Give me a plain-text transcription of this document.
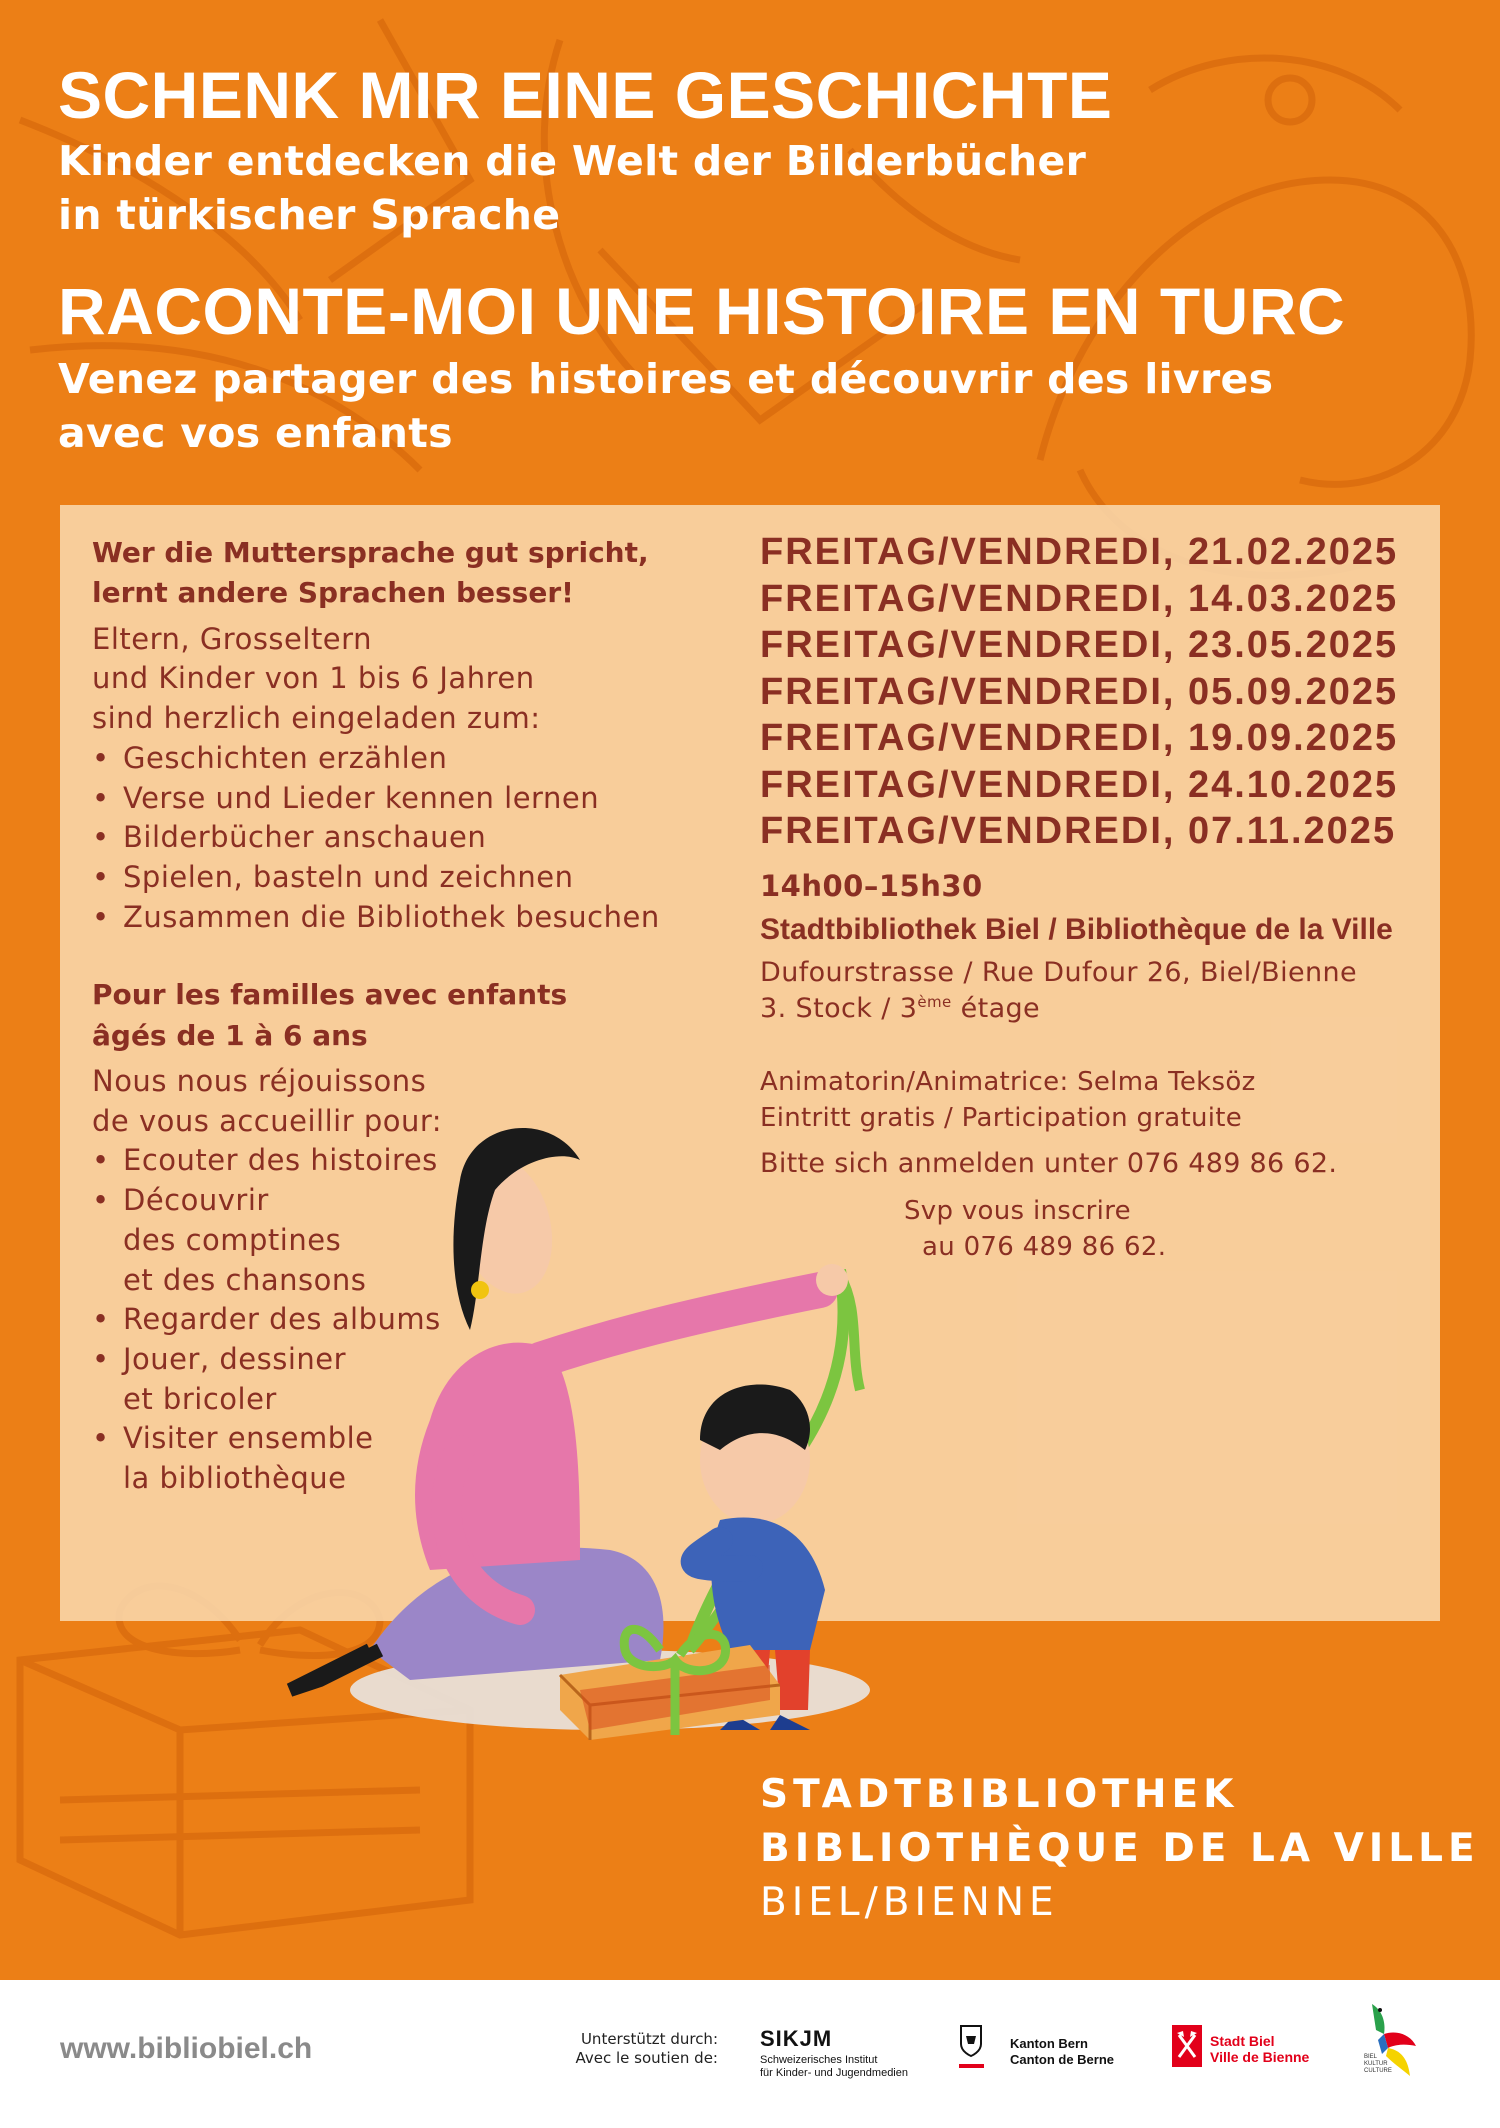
SCHENK MIR EINE GESCHICHTE
Kinder entdecken die Welt der Bilderbücher
in türkischer Sprache
RACONTE-MOI UNE HISTOIRE EN TURC
Venez partager des histoires et découvrir des livres
avec vos enfants

Wer die Muttersprache gut spricht,
lernt andere Sprachen besser!

Eltern, Grosseltern
und Kinder von 1 bis 6 Jahren
sind herzlich eingeladen zum:

• Geschichten erzählen
• Verse und Lieder kennen lernen
• Bilderbücher anschauen
• Spielen, basteln und zeichnen
• Zusammen die Bibliothek besuchen

Pour les familles avec enfants
âgés de 1 à 6 ans

Nous nous réjouissons
de vous accueillir pour:

• Ecouter des histoires
• Découvrir
des comptines
et des chansons
• Regarder des albums
• Jouer, dessiner
et bricoler
• Visiter ensemble
la bibliothèque
FREITAG/VENDREDI, 21.02.2025
FREITAG/VENDREDI, 14.03.2025
FREITAG/VENDREDI, 23.05.2025
FREITAG/VENDREDI, 05.09.2025
FREITAG/VENDREDI, 19.09.2025
FREITAG/VENDREDI, 24.10.2025
FREITAG/VENDREDI, 07.11.2025
14h00–15h30
Stadtbibliothek Biel / Bibliothèque de la Ville
Dufourstrasse / Rue Dufour 26, Biel/Bienne
3. Stock / 3ème étage
Animatorin/Animatrice: Selma Teksöz
Eintritt gratis / Participation gratuite
Bitte sich anmelden unter 076 489 86 62.
Svp vous inscrire
au 076 489 86 62.
STADTBIBLIOTHEK
BIBLIOTHÈQUE DE LA VILLE
BIEL/BIENNE
www.bibliobiel.ch	Unterstützt durch:
Avec le soutien de:
SIKJM
Schweizerisches Institut
für Kinder- und Jugendmedien
Kanton Bern
Canton de Berne
Stadt Biel
Ville de Bienne	BIEL
KULTUR
CULTURE
